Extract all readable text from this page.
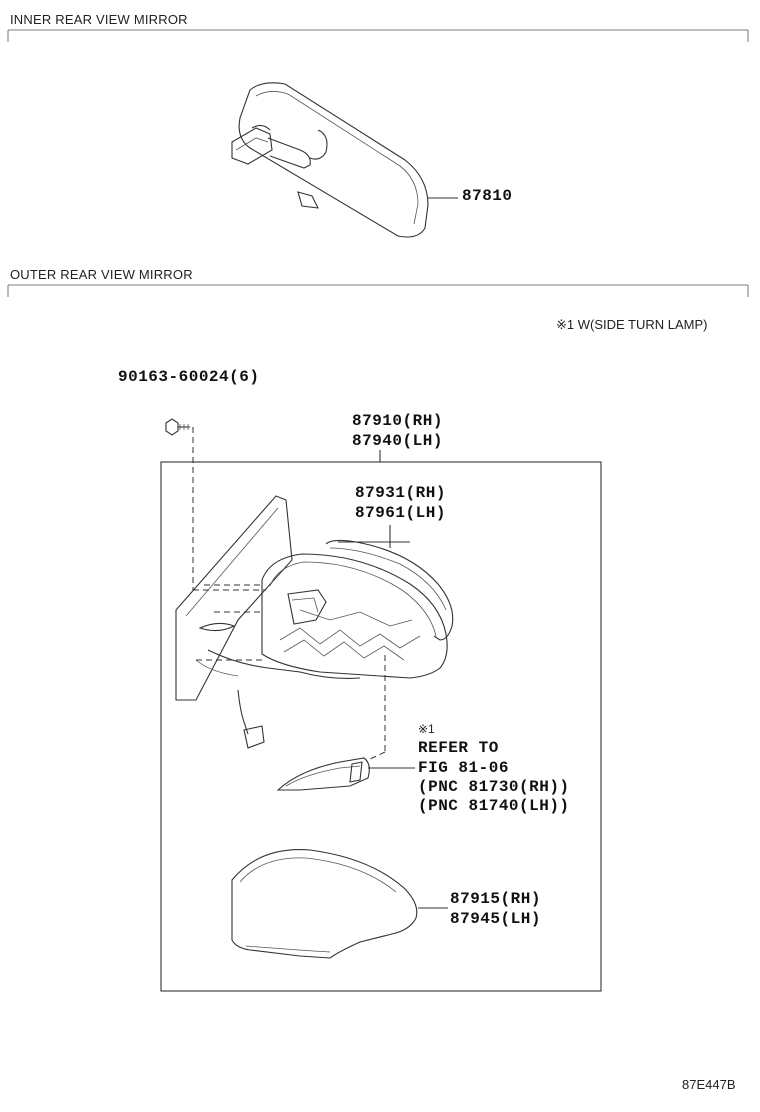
INNER REAR VIEW MIRROR
OUTER REAR VIEW MIRROR
※1 W(SIDE TURN LAMP)
87810
90163-60024(6)
87910(RH)
87940(LH)
87931(RH)
87961(LH)
※1
REFER TO
FIG 81-06
(PNC 81730(RH))
(PNC 81740(LH))
87915(RH)
87945(LH)
87E447B
